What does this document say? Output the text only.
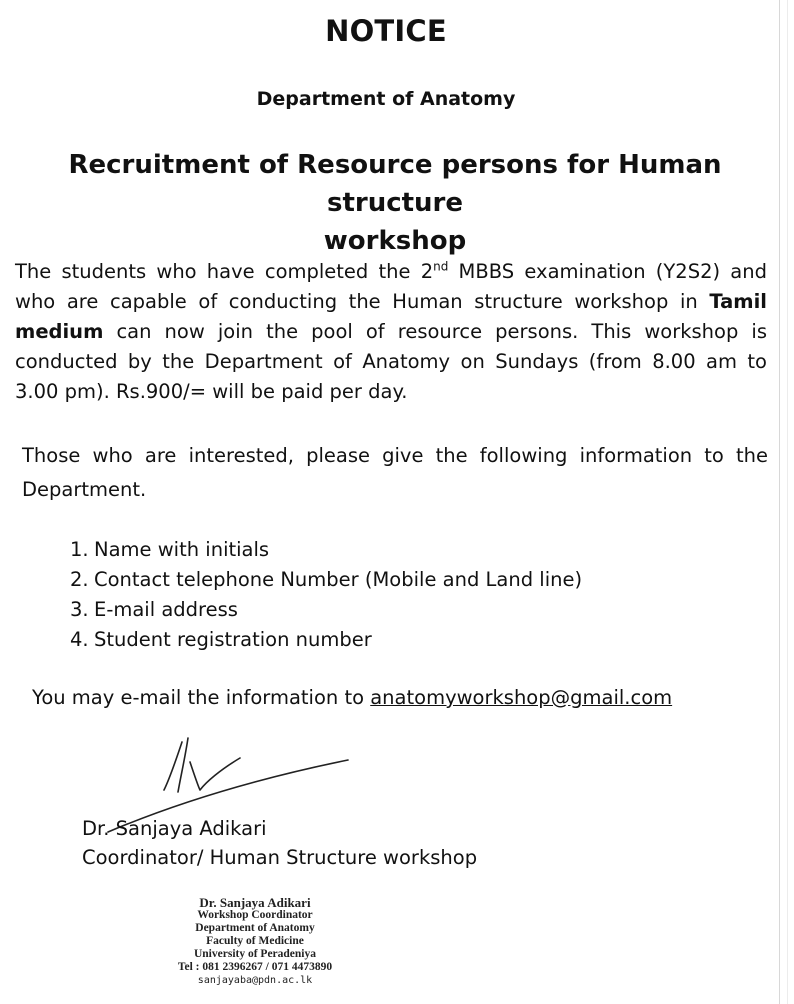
NOTICE
Department of Anatomy
Recruitment of Resource persons for Human structure
workshop
The students who have completed the 2nd MBBS examination (Y2S2) and who are capable of conducting the Human structure workshop in Tamil medium can now join the pool of resource persons. This workshop is conducted by the Department of Anatomy on Sundays (from 8.00 am to 3.00 pm). Rs.900/= will be paid per day.
Those who are interested, please give the following information to the Department.
1. Name with initials
2. Contact telephone Number (Mobile and Land line)
3. E-mail address
4. Student registration number
You may e-mail the information to anatomyworkshop@gmail.com
Dr. Sanjaya Adikari
Coordinator/ Human Structure workshop
Dr. Sanjaya Adikari
Workshop Coordinator
Department of Anatomy
Faculty of Medicine
University of Peradeniya
Tel : 081 2396267 / 071 4473890
sanjayaba@pdn.ac.lk
